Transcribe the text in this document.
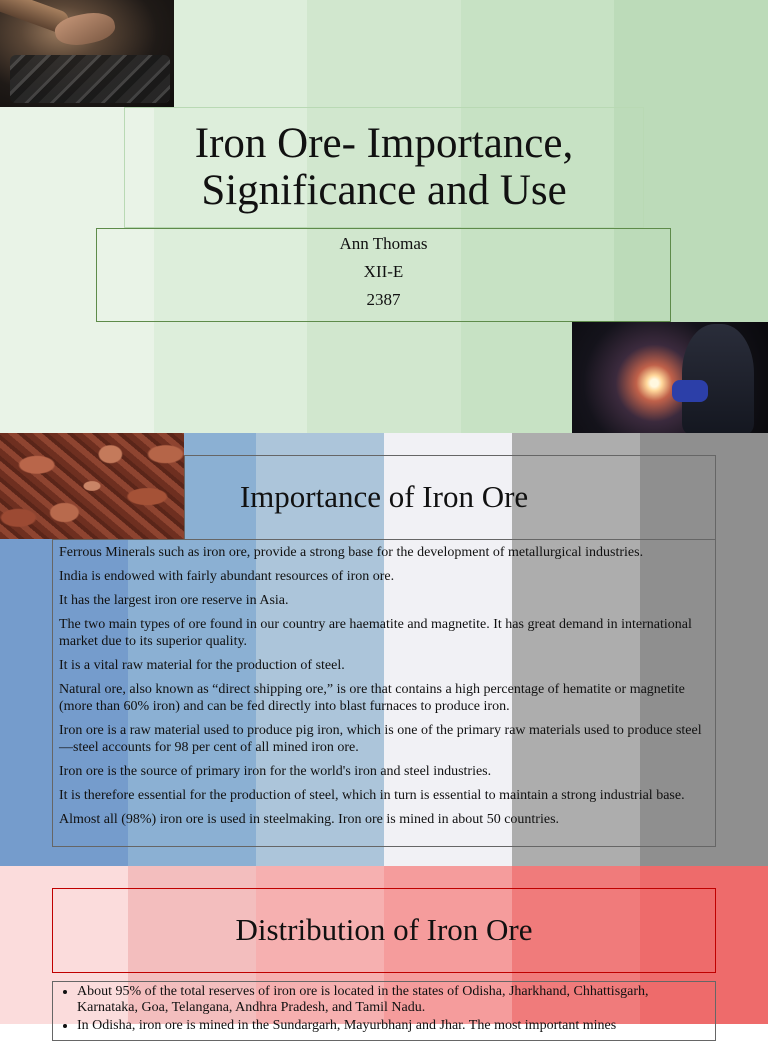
Iron Ore- Importance, Significance and Use
Ann Thomas
XII-E
2387
Importance of Iron Ore

Ferrous Minerals such as iron ore, provide a strong base for the development of metallurgical industries.

India is endowed with fairly abundant resources of iron ore.

It has the largest iron ore reserve in Asia.

The two main types of ore found in our country are haematite and magnetite. It has great demand in international market due to its superior quality.

It is a vital raw material for the production of steel.

Natural ore, also known as “direct shipping ore,” is ore that contains a high percentage of hematite or magnetite (more than 60% iron) and can be fed directly into blast furnaces to produce iron.

Iron ore is a raw material used to produce pig iron, which is one of the primary raw materials used to produce steel—steel accounts for 98 per cent of all mined iron ore.

Iron ore is the source of primary iron for the world's iron and steel industries.

It is therefore essential for the production of steel, which in turn is essential to maintain a strong industrial base.

Almost all (98%) iron ore is used in steelmaking. Iron ore is mined in about 50 countries.

Distribution of Iron Ore
• About 95% of the total reserves of iron ore is located in the states of Odisha, Jharkhand, Chhattisgarh, Karnataka, Goa, Telangana, Andhra Pradesh, and Tamil Nadu.
• In Odisha, iron ore is mined in the Sundargarh, Mayurbhanj and Jhar. The most important mines
